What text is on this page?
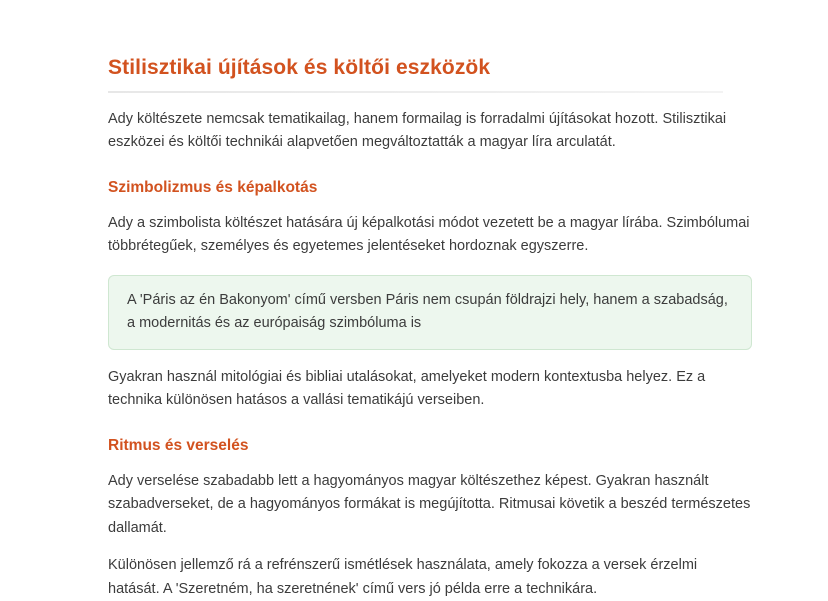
Stilisztikai újítások és költői eszközök

Ady költészete nemcsak tematikailag, hanem formailag is forradalmi újításokat hozott. Stilisztikai eszközei és költői technikái alapvetően megváltoztatták a magyar líra arculatát.

Szimbolizmus és képalkotás

Ady a szimbolista költészet hatására új képalkotási módot vezetett be a magyar lírába. Szimbólumai többrétegűek, személyes és egyetemes jelentéseket hordoznak egyszerre.

A 'Páris az én Bakonyom' című versben Páris nem csupán földrajzi hely, hanem a szabadság, a modernitás és az európaiság szimbóluma is

Gyakran használ mitológiai és bibliai utalásokat, amelyeket modern kontextusba helyez. Ez a technika különösen hatásos a vallási tematikájú verseiben.

Ritmus és verselés

Ady verselése szabadabb lett a hagyományos magyar költészethez képest. Gyakran használt szabadverseket, de a hagyományos formákat is megújította. Ritmusai követik a beszéd természetes dallamát.

Különösen jellemző rá a refrénszerű ismétlések használata, amely fokozza a versek érzelmi hatását. A 'Szeretném, ha szeretnének' című vers jó példa erre a technikára.
